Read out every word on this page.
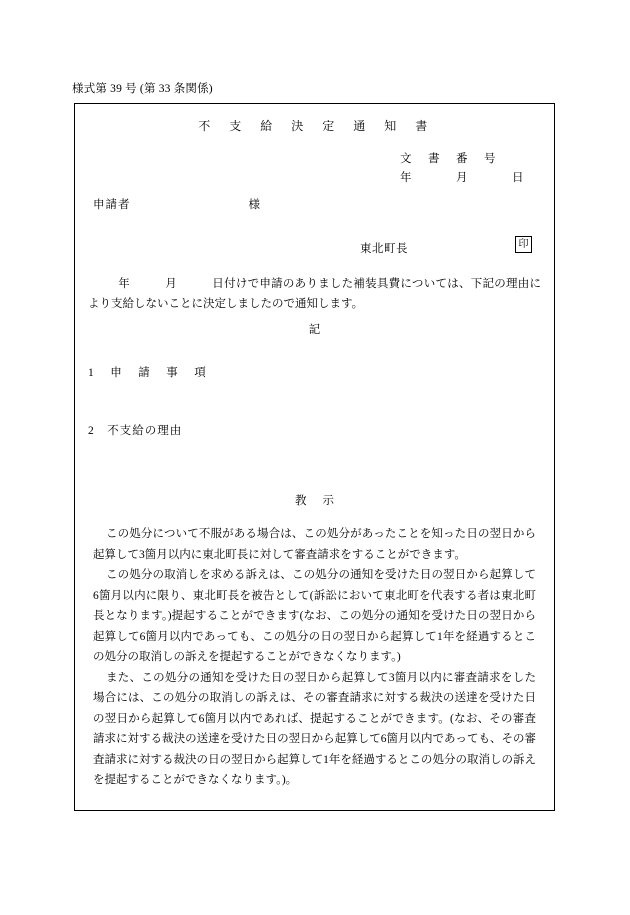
様式第 39 号 (第 33 条関係)
不　支　給　決　定　通　知　書
文　書　番　号
年　　　月　　　日
申請者	様
東北町長	印
年　　　月　　　日付けで申請のありました補装具費については、下記の理由により支給しないことに決定しましたので通知します。
記
1　申　請　事　項
2　不支給の理由
教示

この処分について不服がある場合は、この処分があったことを知った日の翌日から起算して3箇月以内に東北町長に対して審査請求をすることができます。

この処分の取消しを求める訴えは、この処分の通知を受けた日の翌日から起算して6箇月以内に限り、東北町長を被告として(訴訟において東北町を代表する者は東北町長となります。)提起することができます(なお、この処分の通知を受けた日の翌日から起算して6箇月以内であっても、この処分の日の翌日から起算して1年を経過するとこの処分の取消しの訴えを提起することができなくなります。)

また、この処分の通知を受けた日の翌日から起算して3箇月以内に審査請求をした場合には、この処分の取消しの訴えは、その審査請求に対する裁決の送達を受けた日の翌日から起算して6箇月以内であれば、提起することができます。(なお、その審査請求に対する裁決の送達を受けた日の翌日から起算して6箇月以内であっても、その審査請求に対する裁決の日の翌日から起算して1年を経過するとこの処分の取消しの訴えを提起することができなくなります。)。
